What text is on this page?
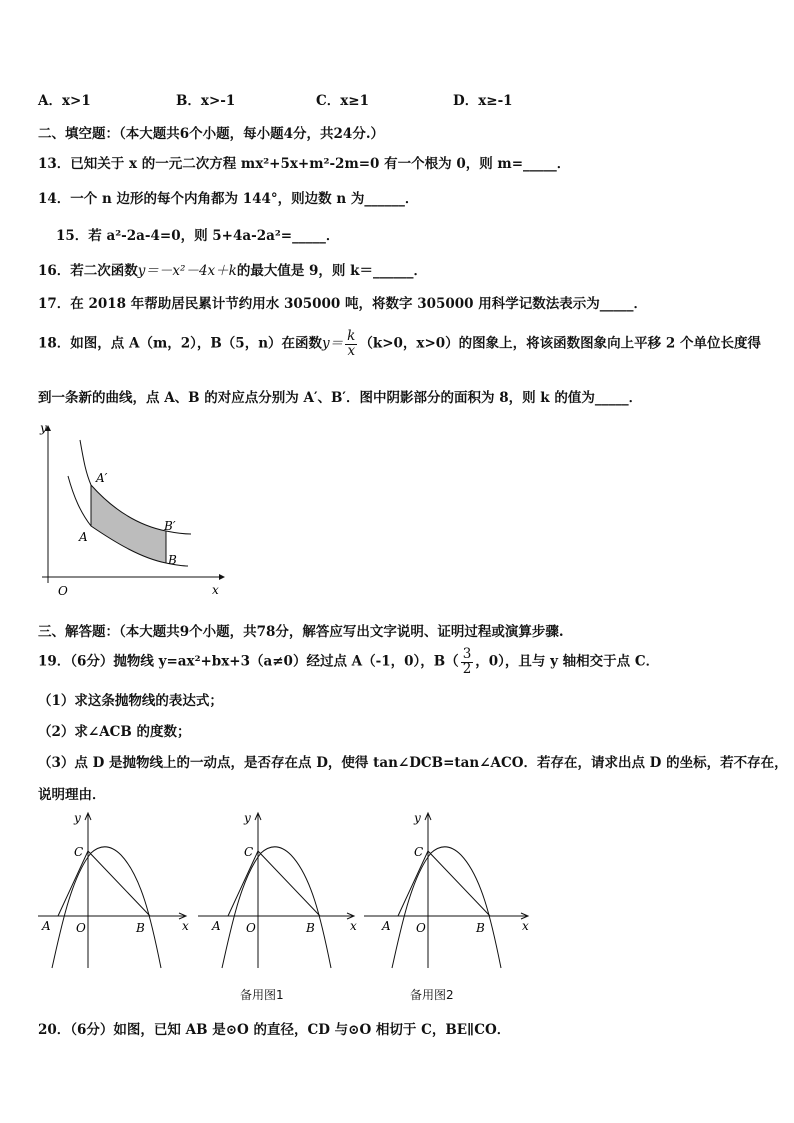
A．x>1	B．x>-1	C．x≥1	D．x≥-1
二、填空题：（本大题共6个小题，每小题4分，共24分.）
13．已知关于 x 的一元二次方程 mx²+5x+m²-2m=0 有一个根为 0，则 m=_____．
14．一个 n 边形的每个内角都为 144°，则边数 n 为______．
15．若 a²-2a-4=0，则 5+4a-2a²=_____．
16．若二次函数y＝－x²－4x＋k的最大值是 9，则 k＝______．
17．在 2018 年帮助居民累计节约用水 305000 吨，将数字 305000 用科学记数法表示为_____．
18．如图，点 A（m，2），B（5，n）在函数$y= \frac{k}{x} (k>0$，x>0）的图象上，将该函数图象向上平移 2 个单位长度得
到一条新的曲线，点 A、B 的对应点分别为 A′、B′．图中阴影部分的面积为 8，则 k 的值为_____．
y
x
O
A
A′
B
B′
三、解答题：（本大题共9个小题，共78分，解答应写出文字说明、证明过程或演算步骤.
19．（6分）抛物线 y=ax²+bx+3（a≠0）经过点 A（-1，0），$B( \frac{3}{2}$ ，0），且与 y 轴相交于点 C．
（1）求这条抛物线的表达式；
（2）求∠ACB 的度数；
（3）点 D 是抛物线上的一动点，是否存在点 D，使得 tan∠DCB=tan∠ACO．若存在，请求出点 D 的坐标，若不存在，
说明理由．
y
x
C
A O	B
y
x
C
A O	B
y
x
C
A O	B
备用图1	备用图2
20．（6分）如图，已知 AB 是⊙O 的直径，CD 与⊙O 相切于 C，BE∥CO．
